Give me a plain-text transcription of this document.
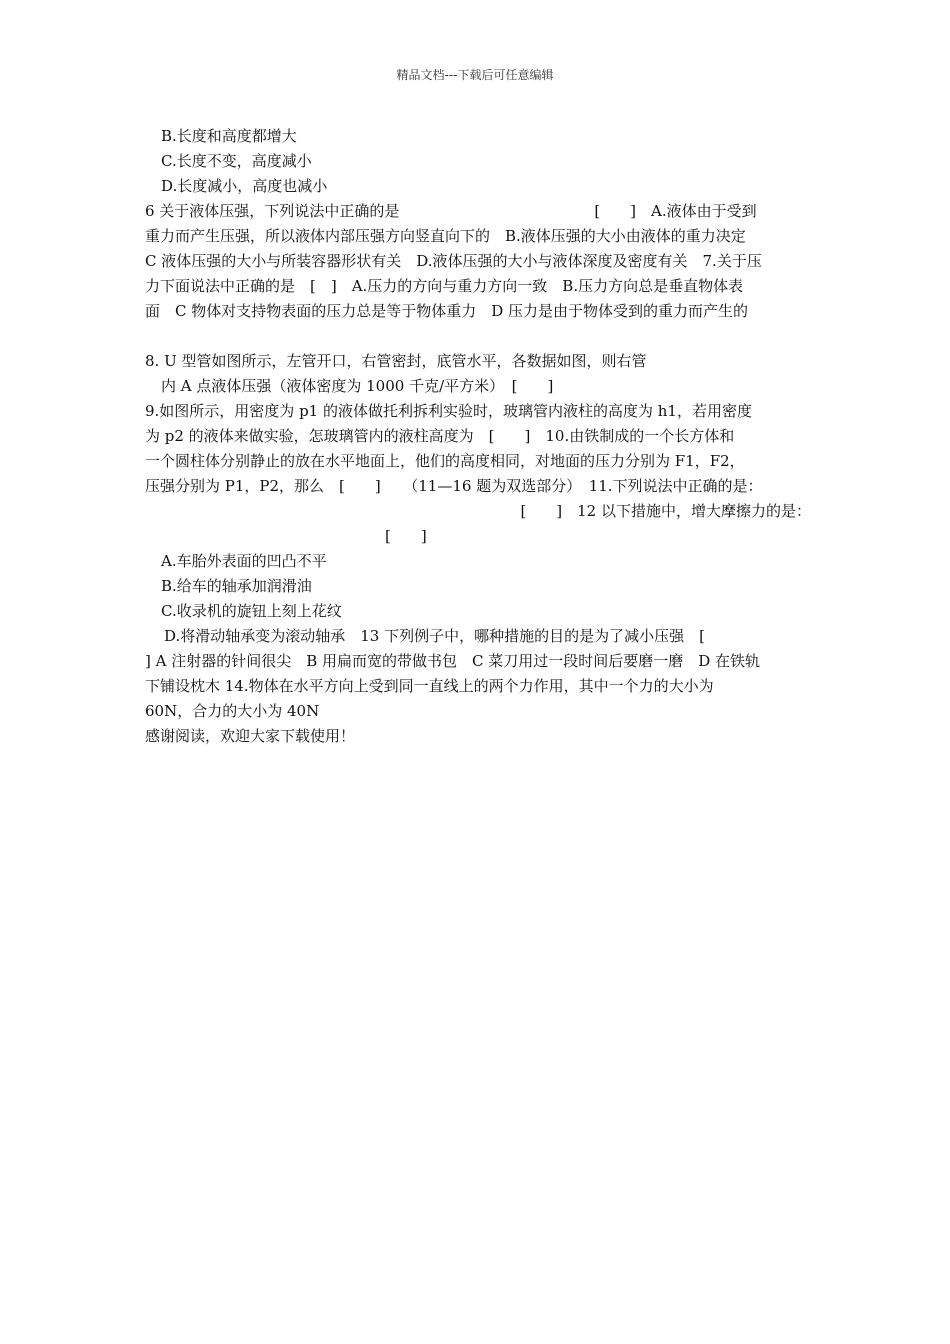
精品文档---下载后可任意编辑
B.长度和高度都增大
C.长度不变，高度减小
D.长度减小，高度也减小
6 关于液体压强，下列说法中正确的是　　　　　　　　　　　　　[　　]　A.液体由于受到
重力而产生压强，所以液体内部压强方向竖直向下的　B.液体压强的大小由液体的重力决定
C 液体压强的大小与所装容器形状有关　D.液体压强的大小与液体深度及密度有关　7.关于压
力下面说法中正确的是　[　]　A.压力的方向与重力方向一致　B.压力方向总是垂直物体表
面　C 物体对支持物表面的压力总是等于物体重力　D 压力是由于物体受到的重力而产生的
8. U 型管如图所示，左管开口，右管密封，底管水平，各数据如图，则右管
内 A 点液体压强（液体密度为 1000 千克/平方米）　[　　]
9.如图所示，用密度为 p1 的液体做托利拆利实验时，玻璃管内液柱的高度为 h1，若用密度
为 p2 的液体来做实验，怎玻璃管内的液柱高度为　[　　]　10.由铁制成的一个长方体和
一个圆柱体分别静止的放在水平地面上，他们的高度相同，对地面的压力分别为 F1，F2，
压强分别为 P1，P2，那么　[　　]　　（11—16 题为双选部分）　11.下列说法中正确的是：
[　　]　12 以下措施中，增大摩擦力的是：
[　　]
A.车胎外表面的凹凸不平
B.给车的轴承加润滑油
C.收录机的旋钮上刻上花纹
D.将滑动轴承变为滚动轴承　13 下列例子中，哪种措施的目的是为了减小压强　[
] A 注射器的针间很尖　B 用扁而宽的带做书包　C 菜刀用过一段时间后要磨一磨　D 在铁轨
下铺设枕木 14.物体在水平方向上受到同一直线上的两个力作用，其中一个力的大小为
60N，合力的大小为 40N
感谢阅读，欢迎大家下载使用！
